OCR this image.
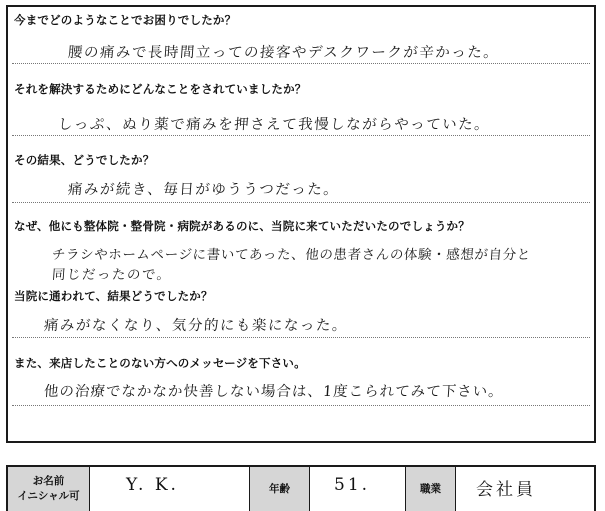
今までどのようなことでお困りでしたか？
腰の痛みで長時間立っての接客やデスクワークが辛かった。
それを解決するためにどんなことをされていましたか？
しっぷ、ぬり薬で痛みを押さえて我慢しながらやっていた。
その結果、どうでしたか？
痛みが続き、毎日がゆううつだった。
なぜ、他にも整体院・整骨院・病院があるのに、当院に来ていただいたのでしょうか？
チラシやホームページに書いてあった、他の患者さんの体験・感想が自分と
同じだったので。
当院に通われて、結果どうでしたか？
痛みがなくなり、気分的にも楽になった。
また、来店したことのない方へのメッセージを下さい。
他の治療でなかなか快善しない場合は、1度こられてみて下さい。
お名前
イニシャル可
Y. K.	年齢	51.	職業 会社員
